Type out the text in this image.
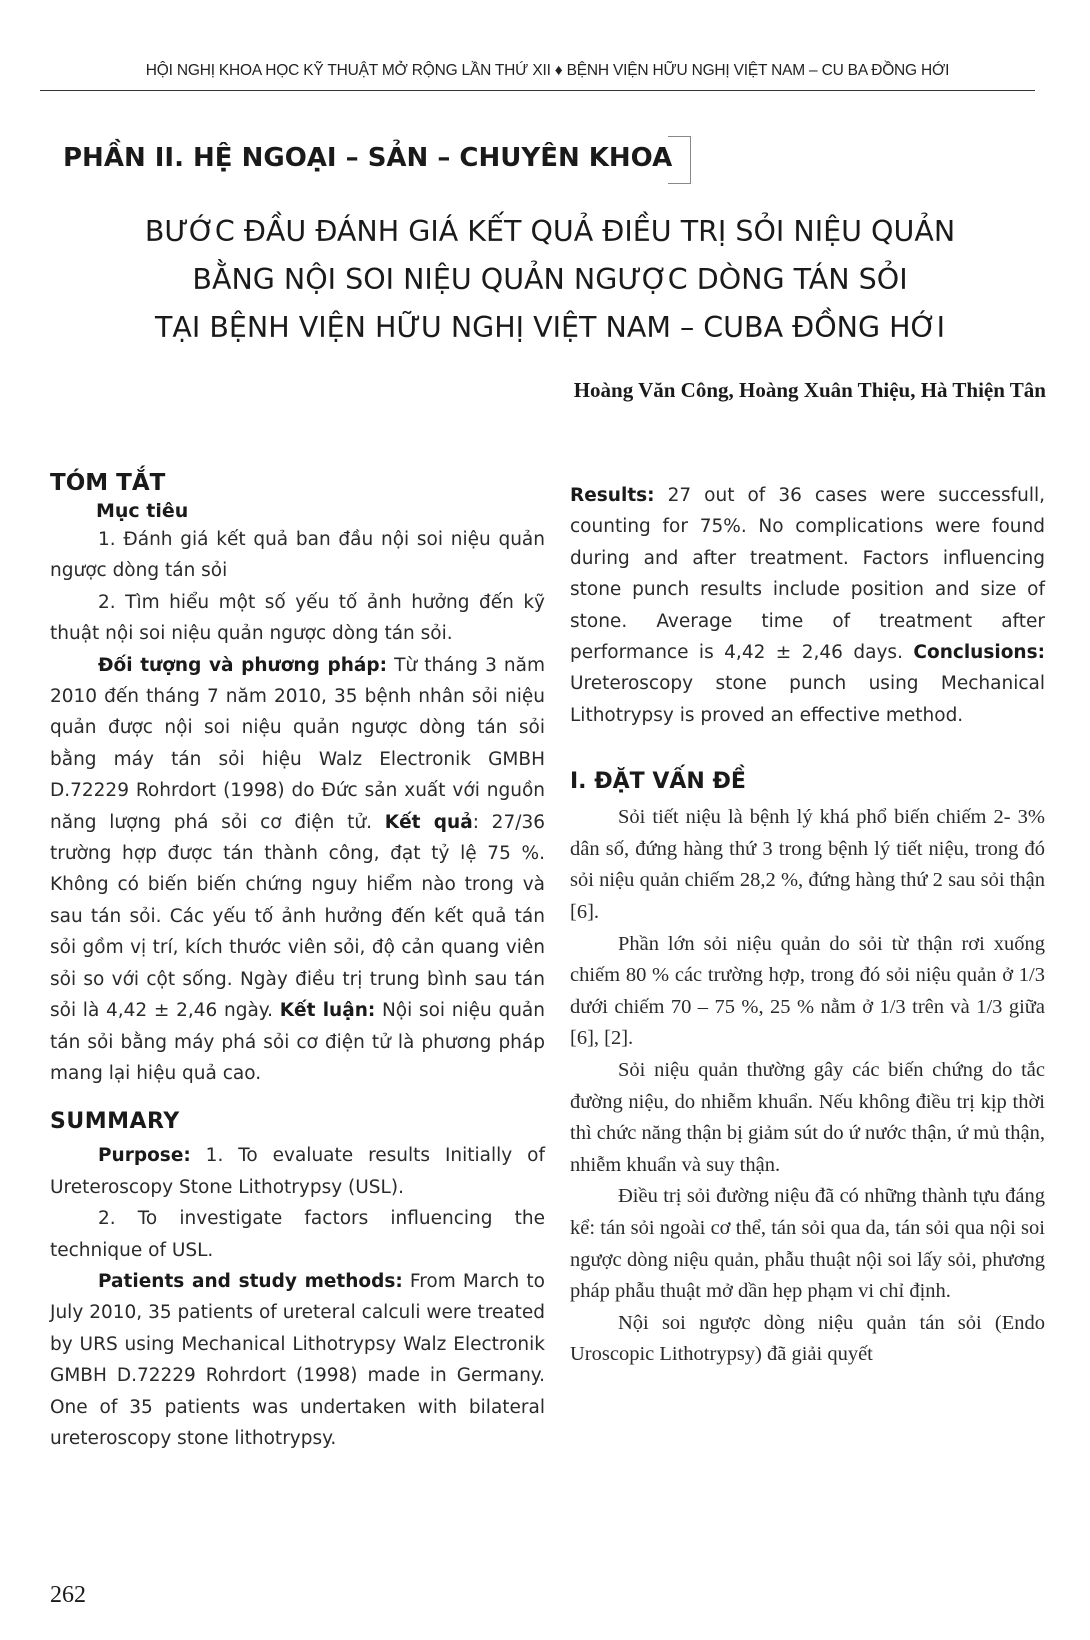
HỘI NGHỊ KHOA HỌC KỸ THUẬT MỞ RỘNG LẦN THỨ XII ♦ BỆNH VIỆN HỮU NGHỊ VIỆT NAM – CU BA ĐỒNG HỚI
PHẦN II. HỆ NGOẠI – SẢN – CHUYÊN KHOA
BƯỚC ĐẦU ĐÁNH GIÁ KẾT QUẢ ĐIỀU TRỊ SỎI NIỆU QUẢN
BẰNG NỘI SOI NIỆU QUẢN NGƯỢC DÒNG TÁN SỎI
TẠI BỆNH VIỆN HỮU NGHỊ VIỆT NAM – CUBA ĐỒNG HỚI
Hoàng Văn Công, Hoàng Xuân Thiệu, Hà Thiện Tân
TÓM TẮT
Mục tiêu

1. Đánh giá kết quả ban đầu nội soi niệu quản ngược dòng tán sỏi

2. Tìm hiểu một số yếu tố ảnh hưởng đến kỹ thuật nội soi niệu quản ngược dòng tán sỏi.

Đối tượng và phương pháp: Từ tháng 3 năm 2010 đến tháng 7 năm 2010, 35 bệnh nhân sỏi niệu quản được nội soi niệu quản ngược dòng tán sỏi bằng máy tán sỏi hiệu Walz Electronik GMBH D.72229 Rohrdort (1998) do Đức sản xuất với nguồn năng lượng phá sỏi cơ điện tử. Kết quả: 27/36 trường hợp được tán thành công, đạt tỷ lệ 75 %. Không có biến biến chứng nguy hiểm nào trong và sau tán sỏi. Các yếu tố ảnh hưởng đến kết quả tán sỏi gồm vị trí, kích thước viên sỏi, độ cản quang viên sỏi so với cột sống. Ngày điều trị trung bình sau tán sỏi là 4,42 ± 2,46 ngày. Kết luận: Nội soi niệu quản tán sỏi bằng máy phá sỏi cơ điện tử là phương pháp mang lại hiệu quả cao.

SUMMARY

Purpose: 1. To evaluate results Initially of Ureteroscopy Stone Lithotrypsy (USL).

2. To investigate factors influencing the technique of USL.

Patients and study methods: From March to July 2010, 35 patients of ureteral calculi were treated by URS using Mechanical Lithotrypsy Walz Electronik GMBH D.72229 Rohrdort (1998) made in Germany. One of 35 patients was undertaken with bilateral ureteroscopy stone lithotrypsy.

Results: 27 out of 36 cases were successfull, counting for 75%. No complications were found during and after treatment. Factors influencing stone punch results include position and size of stone. Average time of treatment after performance is 4,42 ± 2,46 days. Conclusions: Ureteroscopy stone punch using Mechanical Lithotrypsy is proved an effective method.

I. ĐẶT VẤN ĐỀ

Sỏi tiết niệu là bệnh lý khá phổ biến chiếm 2- 3% dân số, đứng hàng thứ 3 trong bệnh lý tiết niệu, trong đó sỏi niệu quản chiếm 28,2 %, đứng hàng thứ 2 sau sỏi thận [6].

Phần lớn sỏi niệu quản do sỏi từ thận rơi xuống chiếm 80 % các trường hợp, trong đó sỏi niệu quản ở 1/3 dưới chiếm 70 – 75 %, 25 % nằm ở 1/3 trên và 1/3 giữa [6], [2].

Sỏi niệu quản thường gây các biến chứng do tắc đường niệu, do nhiễm khuẩn. Nếu không điều trị kịp thời thì chức năng thận bị giảm sút do ứ nước thận, ứ mủ thận, nhiễm khuẩn và suy thận.

Điều trị sỏi đường niệu đã có những thành tựu đáng kể: tán sỏi ngoài cơ thể, tán sỏi qua da, tán sỏi qua nội soi ngược dòng niệu quản, phẫu thuật nội soi lấy sỏi, phương pháp phẫu thuật mở dần hẹp phạm vi chỉ định.

Nội soi ngược dòng niệu quản tán sỏi (Endo Uroscopic Lithotrypsy) đã giải quyết

262
